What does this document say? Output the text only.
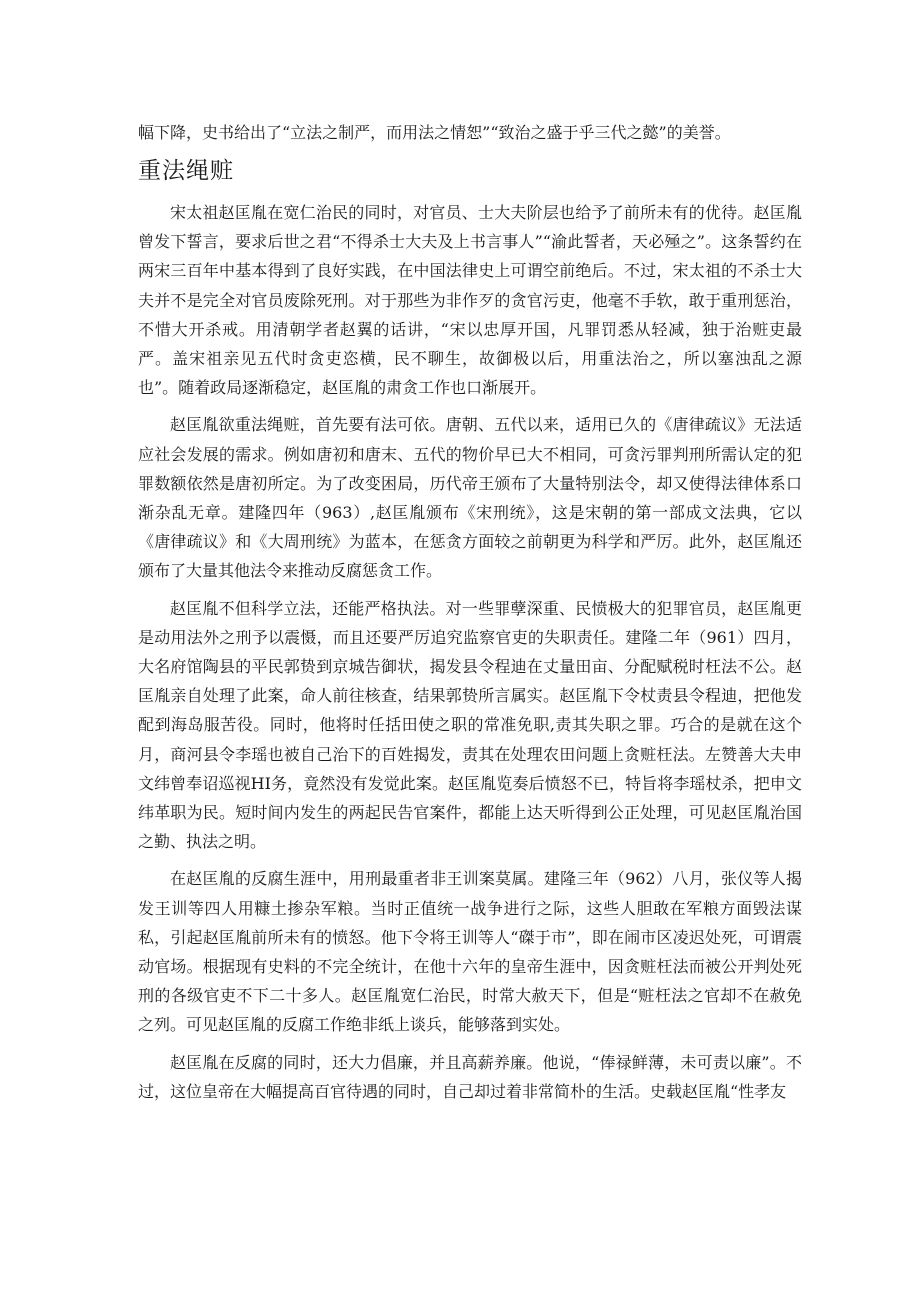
幅下降，史书给出了“立法之制严，而用法之情恕”“致治之盛于乎三代之懿”的美誉。

重法绳赃

宋太祖赵匡胤在宽仁治民的同时，对官员、士大夫阶层也给予了前所未有的优待。赵匡胤曾发下誓言，要求后世之君“不得杀士大夫及上书言事人”“渝此誓者，天必殛之”。这条誓约在两宋三百年中基本得到了良好实践，在中国法律史上可谓空前绝后。不过，宋太祖的不杀士大夫并不是完全对官员废除死刑。对于那些为非作歹的贪官污吏，他毫不手软，敢于重刑惩治，不惜大开杀戒。用清朝学者赵翼的话讲，“宋以忠厚开国，凡罪罚悉从轻减，独于治赃吏最严。盖宋祖亲见五代时贪吏恣横，民不聊生，故御极以后，用重法治之，所以塞浊乱之源也”。随着政局逐渐稳定，赵匡胤的肃贪工作也口渐展开。

赵匡胤欲重法绳赃，首先要有法可依。唐朝、五代以来，适用已久的《唐律疏议》无法适应社会发展的需求。例如唐初和唐末、五代的物价早已大不相同，可贪污罪判刑所需认定的犯罪数额依然是唐初所定。为了改变困局，历代帝王颁布了大量特别法令，却又使得法律体系口渐杂乱无章。建隆四年（963）,赵匡胤颁布《宋刑统》，这是宋朝的第一部成文法典，它以《唐律疏议》和《大周刑统》为蓝本，在惩贪方面较之前朝更为科学和严厉。此外，赵匡胤还颁布了大量其他法令来推动反腐惩贪工作。

赵匡胤不但科学立法，还能严格执法。对一些罪孽深重、民愤极大的犯罪官员，赵匡胤更是动用法外之刑予以震慑，而且还要严厉追究监察官吏的失职责任。建隆二年（961）四月，大名府馆陶县的平民郭贽到京城告御状，揭发县令程迪在丈量田亩、分配赋税时枉法不公。赵匡胤亲自处理了此案，命人前往核查，结果郭贽所言属实。赵匡胤下令杖责县令程迪，把他发配到海岛服苦役。同时，他将时任括田使之职的常准免职,责其失职之罪。巧合的是就在这个月，商河县令李瑶也被自己治下的百姓揭发，责其在处理农田问题上贪赃枉法。左赞善大夫申文纬曾奉诏巡视HI务，竟然没有发觉此案。赵匡胤览奏后愤怒不已，特旨将李瑶杖杀，把申文纬革职为民。短时间内发生的两起民告官案件，都能上达天听得到公正处理，可见赵匡胤治国之勤、执法之明。

在赵匡胤的反腐生涯中，用刑最重者非王训案莫属。建隆三年（962）八月，张仪等人揭发王训等四人用糠土掺杂军粮。当时正值统一战争进行之际，这些人胆敢在军粮方面毁法谋私，引起赵匡胤前所未有的愤怒。他下令将王训等人“磔于市”，即在闹市区凌迟处死，可谓震动官场。根据现有史料的不完全统计，在他十六年的皇帝生涯中，因贪赃枉法而被公开判处死刑的各级官吏不下二十多人。赵匡胤宽仁治民，时常大赦天下，但是“赃枉法之官却不在赦免之列。可见赵匡胤的反腐工作绝非纸上谈兵，能够落到实处。

赵匡胤在反腐的同时，还大力倡廉，并且高薪养廉。他说，“俸禄鲜薄，未可责以廉”。不过，这位皇帝在大幅提高百官待遇的同时，自己却过着非常简朴的生活。史载赵匡胤“性孝友
